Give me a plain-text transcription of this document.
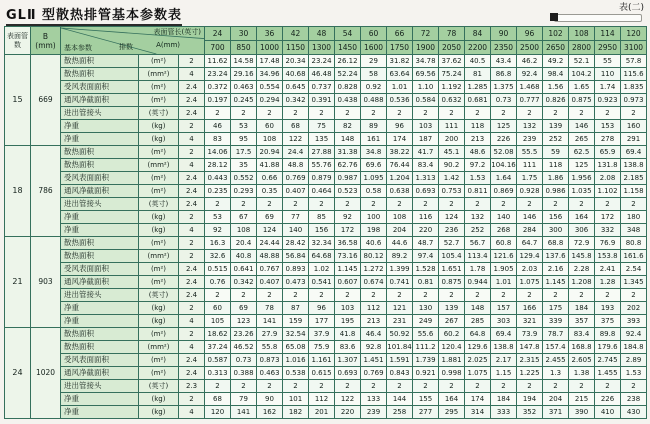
GLⅡ 型散热排管基本参数表	表(二)
表面管数	
B
(mm)

表面管长(英寸)
A(mm)
基本参数	排数
	24	30	36	42	48	54	60	66	72	78	84	90	96	102	108	114	120
					700	850	1000	1150	1300	1450	1600	1750	1900	2050	2200	2350	2500	2650	2800	2950	3100
15	669	散热面积	(m²)	2	11.62	14.58	17.48	20.34	23.24	26.12	29	31.82	34.78	37.62	40.5	43.4	46.2	49.2	52.1	55	57.8
		散热面积	(mm²)	4	23.24	29.16	34.96	40.68	46.48	52.24	58	63.64	69.56	75.24	81	86.8	92.4	98.4	104.2	110	115.6
		受风表面面积	(m²)	2.4	0.372	0.463	0.554	0.645	0.737	0.828	0.92	1.01	1.10	1.192	1.285	1.375	1.468	1.56	1.65	1.74	1.835
		通风净截面积	(m²)	2.4	0.197	0.245	0.294	0.342	0.391	0.438	0.488	0.536	0.584	0.632	0.681	0.73	0.777	0.826	0.875	0.923	0.973
		进出管接头	(英寸)	2.4	2	2	2	2	2	2	2	2	2	2	2	2	2	2	2	2	2
		净重	(kg)	2	46	53	60	68	75	82	89	96	103	111	118	125	132	139	146	153	160
		净重	(kg)	4	83	95	108	122	135	148	161	174	187	200	213	226	239	252	265	278	291
18	786	散热面积	(m²)	2	14.06	17.5	20.94	24.4	27.88	31.38	34.8	38.22	41.7	45.1	48.6	52.08	55.5	59	62.5	65.9	69.4
		散热面积	(mm²)	4	28.12	35	41.88	48.8	55.76	62.76	69.6	76.44	83.4	90.2	97.2	104.16	111	118	125	131.8	138.8
		受风表面面积	(m²)	2.4	0.443	0.552	0.66	0.769	0.879	0.987	1.095	1.204	1.313	1.42	1.53	1.64	1.75	1.86	1.956	2.08	2.185
		通风净截面积	(m²)	2.4	0.235	0.293	0.35	0.407	0.464	0.523	0.58	0.638	0.693	0.753	0.811	0.869	0.928	0.986	1.035	1.102	1.158
		进出管接头	(英寸)	2.4	2	2	2	2	2	2	2	2	2	2	2	2	2	2	2	2	2
		净重	(kg)	2	53	67	69	77	85	92	100	108	116	124	132	140	146	156	164	172	180
		净重	(kg)	4	92	108	124	140	156	172	198	204	220	236	252	268	284	300	306	332	348
21	903	散热面积	(m²)	2	16.3	20.4	24.44	28.42	32.34	36.58	40.6	44.6	48.7	52.7	56.7	60.8	64.7	68.8	72.9	76.9	80.8
		散热面积	(mm²)	2	32.6	40.8	48.88	56.84	64.68	73.16	80.12	89.2	97.4	105.4	113.4	121.6	129.4	137.6	145.8	153.8	161.6
		受风表面面积	(m²)	2.4	0.515	0.641	0.767	0.893	1.02	1.145	1.272	1.399	1.528	1.651	1.78	1.905	2.03	2.16	2.28	2.41	2.54
		通风净截面积	(m²)	2.4	0.76	0.342	0.407	0.473	0.541	0.607	0.674	0.741	0.81	0.875	0.944	1.01	1.075	1.145	1.208	1.28	1.345
		进出管接头	(英寸)	2.4	2	2	2	2	2	2	2	2	2	2	2	2	2	2	2	2	2
		净重	(kg)	2	60	69	78	87	96	103	112	121	130	139	148	157	166	175	184	193	202
		净重	(kg)	4	105	123	141	159	177	195	213	231	249	267	285	303	321	339	357	375	393
24	1020	散热面积	(m²)	2	18.62	23.26	27.9	32.54	37.9	41.8	46.4	50.92	55.6	60.2	64.8	69.4	73.9	78.7	83.4	89.8	92.4
		散热面积	(mm²)	4	37.24	46.52	55.8	65.08	75.9	83.6	92.8	101.84	111.2	120.4	129.6	138.8	147.8	157.4	168.8	179.6	184.8
		受风表面面积	(m²)	2.4	0.587	0.73	0.873	1.016	1.161	1.307	1.451	1.591	1.739	1.881	2.025	2.17	2.315	2.455	2.605	2.745	2.89
		通风净截面积	(m²)	2.4	0.313	0.388	0.463	0.538	0.615	0.693	0.769	0.843	0.921	0.998	1.075	1.15	1.225	1.3	1.38	1.455	1.53
		进出管接头	(英寸)	2.3	2	2	2	2	2	2	2	2	2	2	2	2	2	2	2	2	2
		净重	(kg)	2	68	79	90	101	112	122	133	144	155	164	174	184	194	204	215	226	238
		净重	(kg)	4	120	141	162	182	201	220	239	258	277	295	314	333	352	371	390	410	430
